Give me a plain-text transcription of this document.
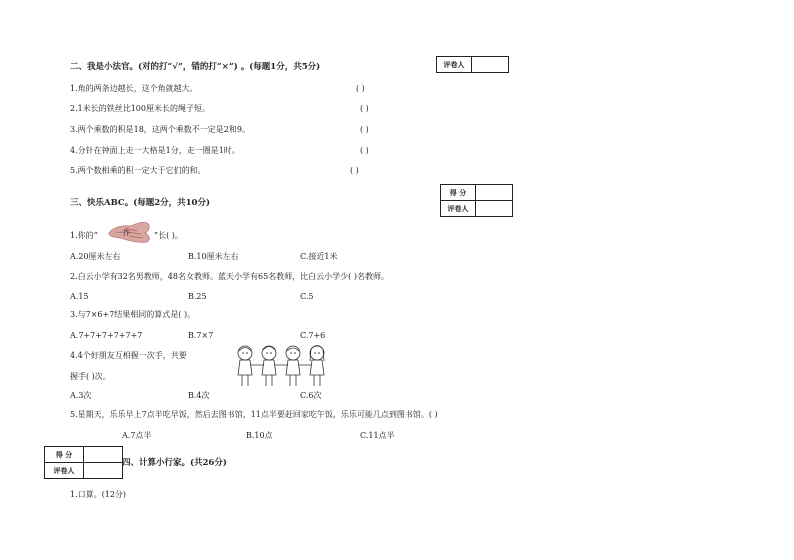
二、我是小法官。(对的打“√”，错的打“×”) 。(每题1分，共5分)	评卷人	
1.角的两条边越长，这个角就越大。	( )
2.1米长的铁丝比100厘米长的绳子短。	( )
3.两个乘数的积是18，这两个乘数不一定是2和9。	( )
4.分针在钟面上走一大格是1分，走一圈是1时。	( )
5.两个数相乘的积一定大于它们的和。	( )
三、快乐ABC。(每题2分，共10分)
得 分	
评卷人	
1.你的“	一拃	”长( )。
A.20厘米左右	B.10厘米左右	C.接近1米
2.白云小学有32名男教师，48名女教师。蓝天小学有65名教师，比白云小学少( )名教师。
A.15	B.25	C.5
3.与7×6+7结果相同的算式是( )。
A.7+7+7+7+7+7	B.7×7	C.7+6
4.4个好朋友互相握一次手，共要
握手( )次。
A.3次	B.4次	C.6次
5.星期天，乐乐早上7点半吃早饭，然后去图书馆，11点半要赶回家吃午饭，乐乐可能几点到图书馆。( )
A.7点半	B.10点	C.11点半
得 分	
评卷人	
四、计算小行家。(共26分)
1.口算。(12分)
